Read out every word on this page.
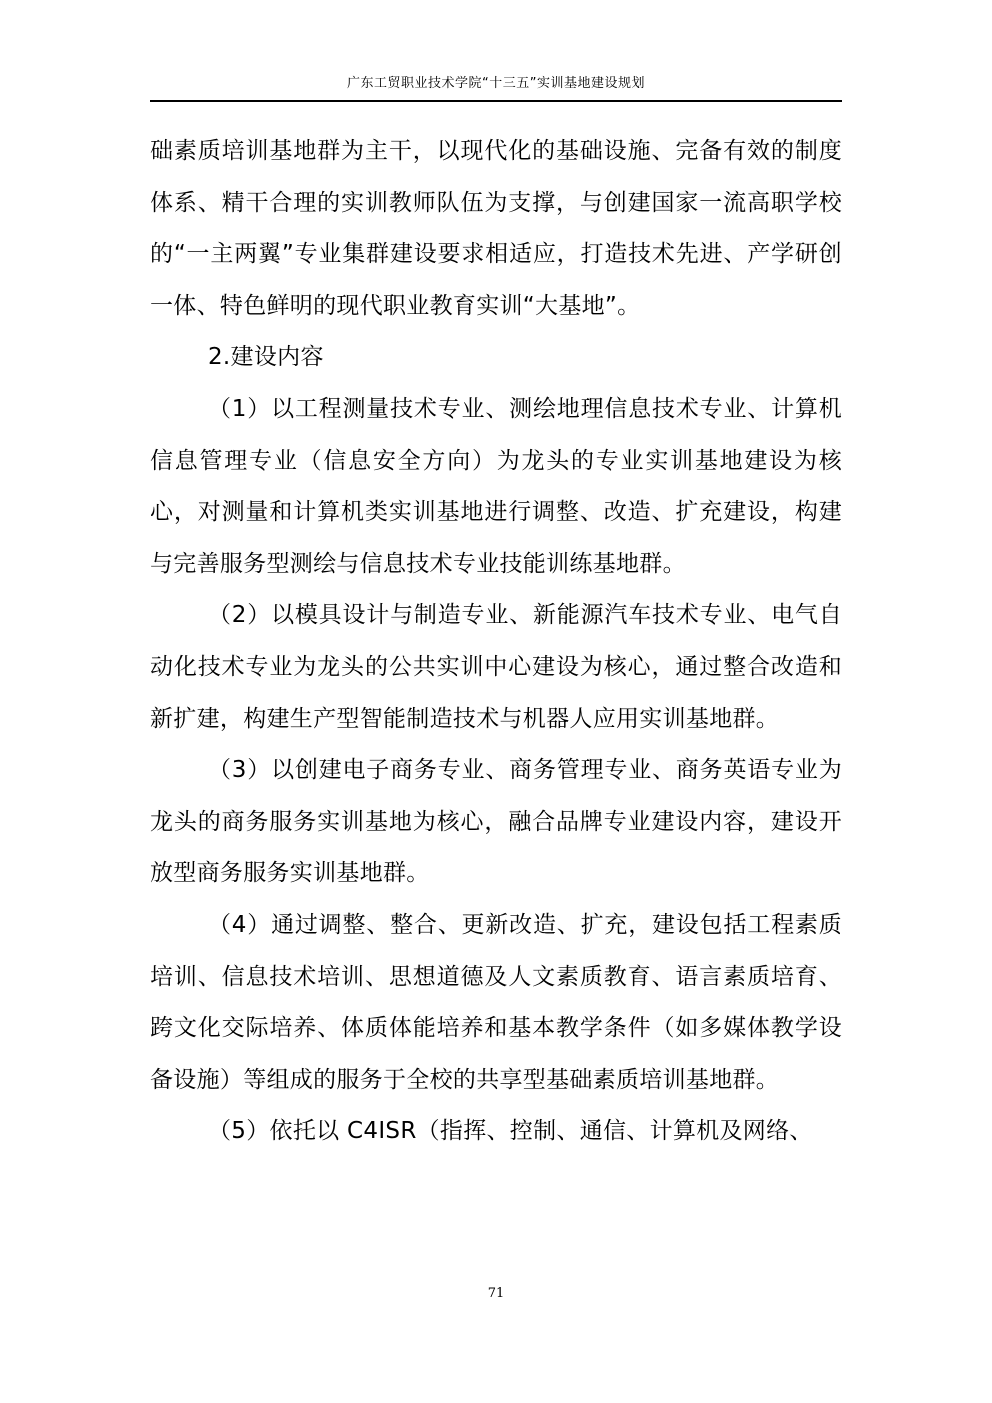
广东工贸职业技术学院“十三五”实训基地建设规划

础素质培训基地群为主干，以现代化的基础设施、完备有效的制度体系、精干合理的实训教师队伍为支撑，与创建国家一流高职学校的“一主两翼”专业集群建设要求相适应，打造技术先进、产学研创一体、特色鲜明的现代职业教育实训“大基地”。

2.建设内容

（1）以工程测量技术专业、测绘地理信息技术专业、计算机信息管理专业（信息安全方向）为龙头的专业实训基地建设为核心，对测量和计算机类实训基地进行调整、改造、扩充建设，构建与完善服务型测绘与信息技术专业技能训练基地群。

（2）以模具设计与制造专业、新能源汽车技术专业、电气自动化技术专业为龙头的公共实训中心建设为核心，通过整合改造和新扩建，构建生产型智能制造技术与机器人应用实训基地群。

（3）以创建电子商务专业、商务管理专业、商务英语专业为龙头的商务服务实训基地为核心，融合品牌专业建设内容，建设开放型商务服务实训基地群。

（4）通过调整、整合、更新改造、扩充，建设包括工程素质培训、信息技术培训、思想道德及人文素质教育、语言素质培育、跨文化交际培养、体质体能培养和基本教学条件（如多媒体教学设备设施）等组成的服务于全校的共享型基础素质培训基地群。

（5）依托以 C4ISR（指挥、控制、通信、计算机及网络、

71
